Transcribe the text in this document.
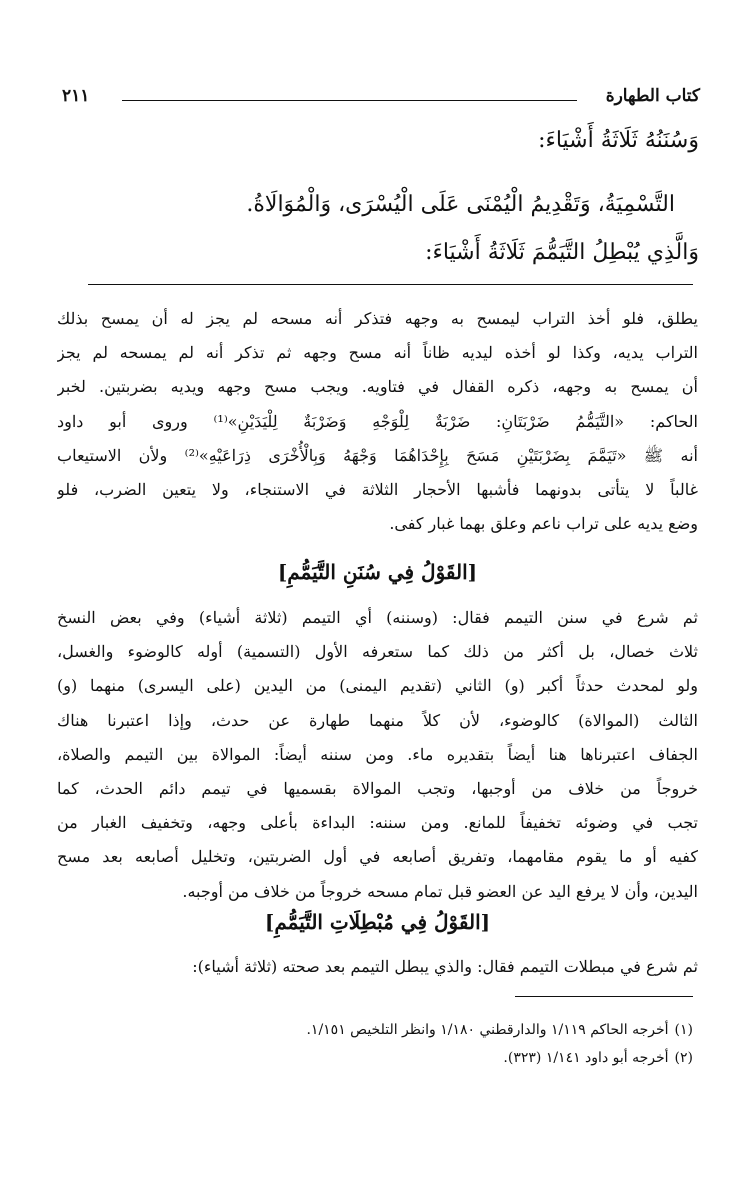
كتاب الطهارة
٢١١
وَسُنَنُهُ ثَلَاثَةُ أَشْيَاءَ:
التَّسْمِيَةُ، وَتَقْدِيمُ الْيُمْنَى عَلَى الْيُسْرَى، وَالْمُوَالَاةُ.
وَالَّذِي يُبْطِلُ التَّيَمُّمَ ثَلَاثَةُ أَشْيَاءَ:

يطلق، فلو أخذ التراب ليمسح به وجهه فتذكر أنه مسحه لم يجز له أن يمسح بذلك

التراب يديه، وكذا لو أخذه ليديه ظاناً أنه مسح وجهه ثم تذكر أنه لم يمسحه لم يجز

أن يمسح به وجهه، ذكره القفال في فتاويه. ويجب مسح وجهه ويديه بضربتين. لخبر

الحاكم: «التَّيَمُّمُ ضَرْبَتَانِ: ضَرْبَةٌ لِلْوَجْهِ وَضَرْبَةٌ لِلْيَدَيْنِ»⁽¹⁾ وروى أبو داود

أنه ﷺ «تَيَمَّمَ بِضَرْبَتَيْنِ مَسَحَ بِإِحْدَاهُمَا وَجْهَهُ وَبِالْأُخْرَى ذِرَاعَيْهِ»⁽²⁾ ولأن الاستيعاب

غالباً لا يتأتى بدونهما فأشبها الأحجار الثلاثة في الاستنجاء، ولا يتعين الضرب، فلو

وضع يديه على تراب ناعم وعلق بهما غبار كفى.

[القَوْلُ فِي سُنَنِ التَّيَمُّمِ]

ثم شرع في سنن التيمم فقال: (وسننه) أي التيمم (ثلاثة أشياء) وفي بعض النسخ

ثلاث خصال، بل أكثر من ذلك كما ستعرفه الأول (التسمية) أوله كالوضوء والغسل،

ولو لمحدث حدثاً أكبر (و) الثاني (تقديم اليمنى) من اليدين (على اليسرى) منهما (و)

الثالث (الموالاة) كالوضوء، لأن كلاً منهما طهارة عن حدث، وإذا اعتبرنا هناك

الجفاف اعتبرناها هنا أيضاً بتقديره ماء. ومن سننه أيضاً: الموالاة بين التيمم والصلاة،

خروجاً من خلاف من أوجبها، وتجب الموالاة بقسميها في تيمم دائم الحدث، كما

تجب في وضوئه تخفيفاً للمانع. ومن سننه: البداءة بأعلى وجهه، وتخفيف الغبار من

كفيه أو ما يقوم مقامهما، وتفريق أصابعه في أول الضربتين، وتخليل أصابعه بعد مسح

اليدين، وأن لا يرفع اليد عن العضو قبل تمام مسحه خروجاً من خلاف من أوجبه.

[القَوْلُ فِي مُبْطِلَاتِ التَّيَمُّمِ]

ثم شرع في مبطلات التيمم فقال: والذي يبطل التيمم بعد صحته (ثلاثة أشياء):

(١)أخرجه الحاكم ١/١١٩ والدارقطني ١/١٨٠ وانظر التلخيص ١/١٥١.
(٢)أخرجه أبو داود ١/١٤١ (٣٢٣).
